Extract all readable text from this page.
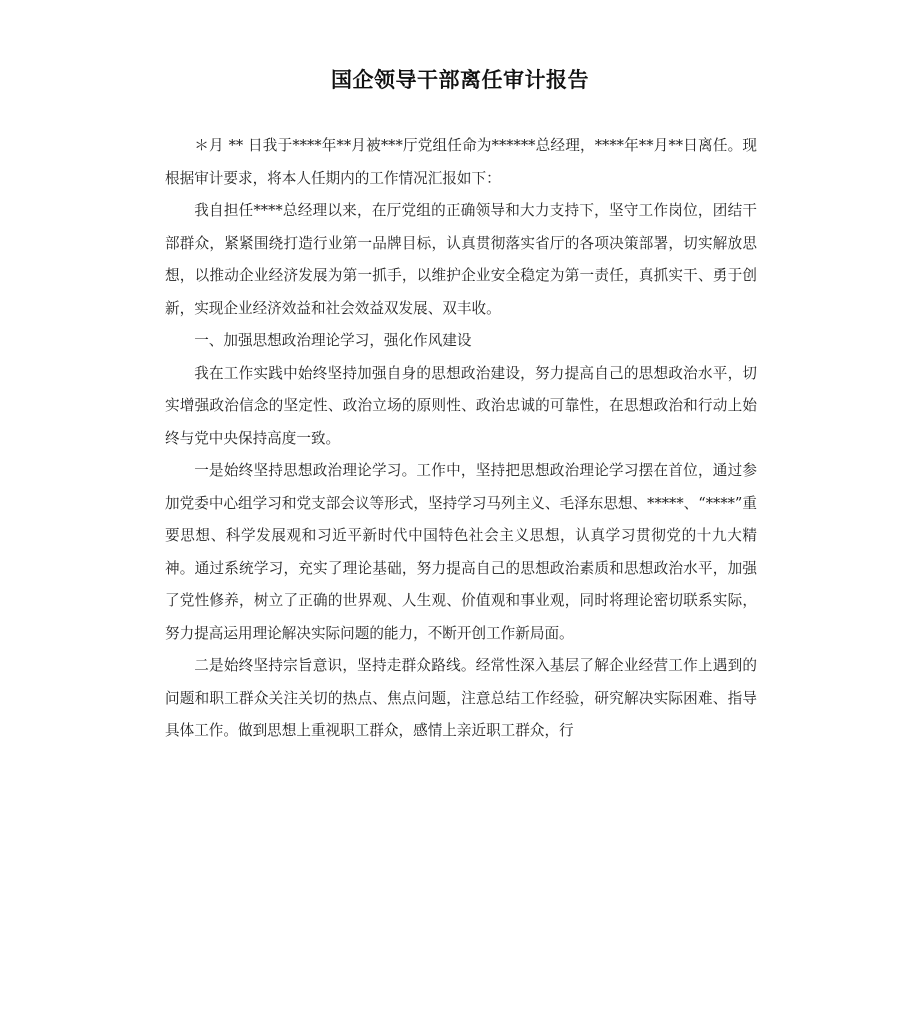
国企领导干部离任审计报告

＊月 ** 日我于****年**月被***厅党组任命为******总经理，****年**月**日离任。现根据审计要求，将本人任期内的工作情况汇报如下：

我自担任****总经理以来，在厅党组的正确领导和大力支持下，坚守工作岗位，团结干部群众，紧紧围绕打造行业第一品牌目标，认真贯彻落实省厅的各项决策部署，切实解放思想，以推动企业经济发展为第一抓手，以维护企业安全稳定为第一责任，真抓实干、勇于创新，实现企业经济效益和社会效益双发展、双丰收。

一、加强思想政治理论学习，强化作风建设

我在工作实践中始终坚持加强自身的思想政治建设，努力提高自己的思想政治水平，切实增强政治信念的坚定性、政治立场的原则性、政治忠诚的可靠性，在思想政治和行动上始终与党中央保持高度一致。

一是始终坚持思想政治理论学习。工作中，坚持把思想政治理论学习摆在首位，通过参加党委中心组学习和党支部会议等形式，坚持学习马列主义、毛泽东思想、*****、“****”重要思想、科学发展观和习近平新时代中国特色社会主义思想，认真学习贯彻党的十九大精神。通过系统学习，充实了理论基础，努力提高自己的思想政治素质和思想政治水平，加强了党性修养，树立了正确的世界观、人生观、价值观和事业观，同时将理论密切联系实际，努力提高运用理论解决实际问题的能力，不断开创工作新局面。

二是始终坚持宗旨意识，坚持走群众路线。经常性深入基层了解企业经营工作上遇到的问题和职工群众关注关切的热点、焦点问题，注意总结工作经验，研究解决实际困难、指导具体工作。做到思想上重视职工群众，感情上亲近职工群众，行
